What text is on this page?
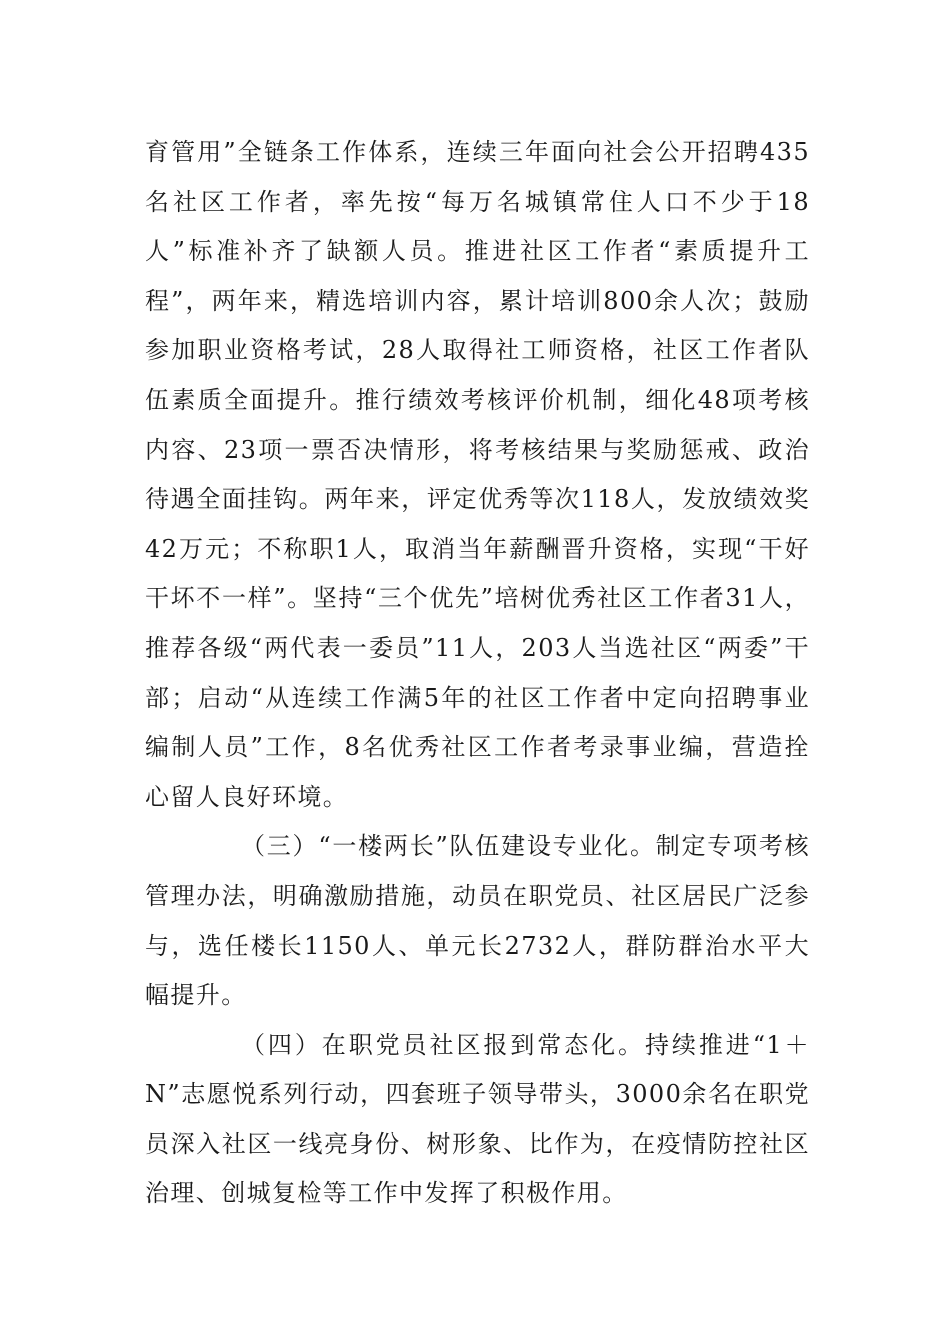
育管用”全链条工作体系，连续三年面向社会公开招聘435名社区工作者，率先按“每万名城镇常住人口不少于18人”标准补齐了缺额人员。推进社区工作者“素质提升工程”，两年来，精选培训内容，累计培训800余人次；鼓励参加职业资格考试，28人取得社工师资格，社区工作者队伍素质全面提升。推行绩效考核评价机制，细化48项考核内容、23项一票否决情形，将考核结果与奖励惩戒、政治待遇全面挂钩。两年来，评定优秀等次118人，发放绩效奖42万元；不称职1人，取消当年薪酬晋升资格，实现“干好干坏不一样”。坚持“三个优先”培树优秀社区工作者31人，推荐各级“两代表一委员”11人，203人当选社区“两委”干部；启动“从连续工作满5年的社区工作者中定向招聘事业编制人员”工作，8名优秀社区工作者考录事业编，营造拴心留人良好环境。

（三）“一楼两长”队伍建设专业化。制定专项考核管理办法，明确激励措施，动员在职党员、社区居民广泛参与，选任楼长1150人、单元长2732人，群防群治水平大幅提升。

（四）在职党员社区报到常态化。持续推进“1＋N”志愿悦系列行动，四套班子领导带头，3000余名在职党员深入社区一线亮身份、树形象、比作为，在疫情防控社区治理、创城复检等工作中发挥了积极作用。
